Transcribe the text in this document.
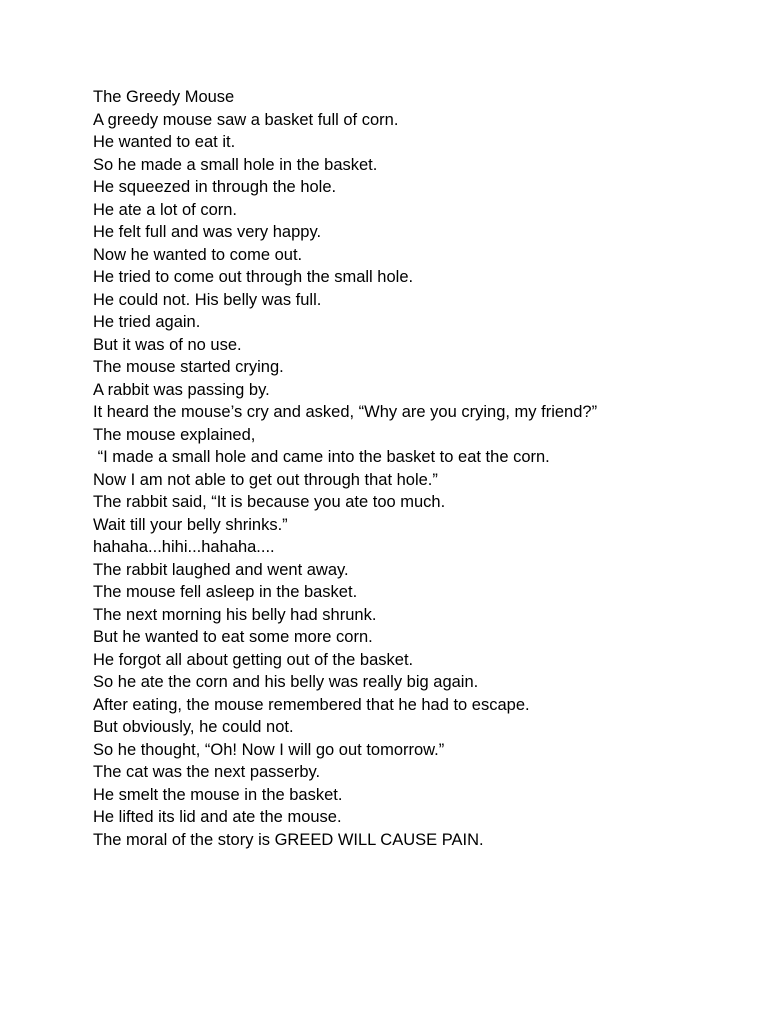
The Greedy Mouse
A greedy mouse saw a basket full of corn.
He wanted to eat it.
So he made a small hole in the basket.
He squeezed in through the hole.
He ate a lot of corn.
He felt full and was very happy.
Now he wanted to come out.
He tried to come out through the small hole.
He could not. His belly was full.
He tried again.
But it was of no use.
The mouse started crying.
A rabbit was passing by.
It heard the mouse’s cry and asked, “Why are you crying, my friend?”
The mouse explained,
“I made a small hole and came into the basket to eat the corn.
Now I am not able to get out through that hole.”
The rabbit said, “It is because you ate too much.
Wait till your belly shrinks.”
hahaha...hihi...hahaha....
The rabbit laughed and went away.
The mouse fell asleep in the basket.
The next morning his belly had shrunk.
But he wanted to eat some more corn.
He forgot all about getting out of the basket.
So he ate the corn and his belly was really big again.
After eating, the mouse remembered that he had to escape.
But obviously, he could not.
So he thought, “Oh! Now I will go out tomorrow.”
The cat was the next passerby.
He smelt the mouse in the basket.
He lifted its lid and ate the mouse.
The moral of the story is GREED WILL CAUSE PAIN.
